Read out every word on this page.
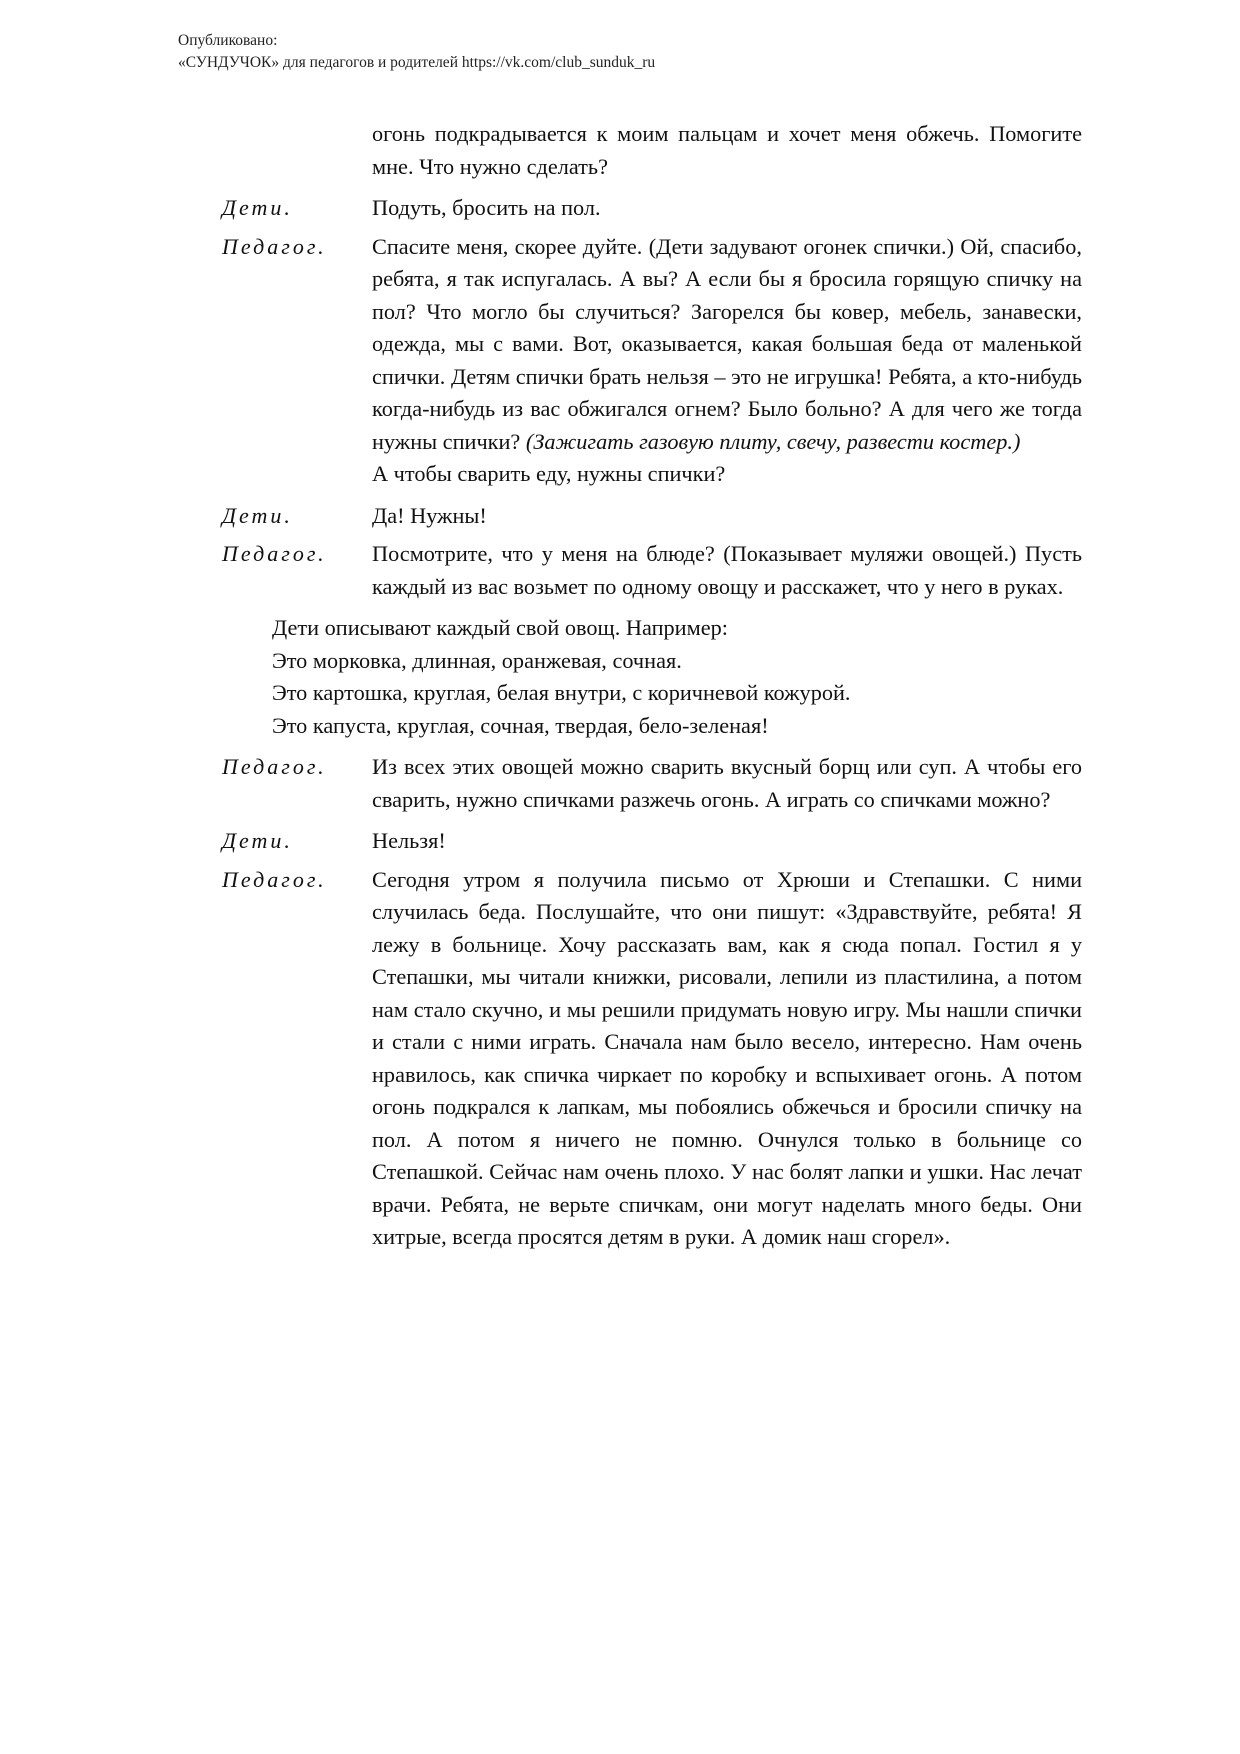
Опубликовано:
«СУНДУЧОК» для педагогов и родителей https://vk.com/club_sunduk_ru
огонь подкрадывается к моим пальцам и хочет меня обжечь. Помогите мне. Что нужно сделать?
Дети.	Подуть, бросить на пол.
Педагог.	Спасите меня, скорее дуйте. (Дети задувают огонек спички.) Ой, спасибо, ребята, я так испугалась. А вы? А если бы я бросила горящую спичку на пол? Что могло бы случиться? Загорелся бы ковер, мебель, занавески, одежда, мы с вами. Вот, оказывается, какая большая беда от маленькой спички. Детям спички брать нельзя – это не игрушка! Ребята, а кто-нибудь когда-нибудь из вас обжигался огнем? Было больно? А для чего же тогда нужны спички? (Зажигать газовую плиту, свечу, развести костер.)

А чтобы сварить еду, нужны спички?

Дети.	Да! Нужны!
Педагог.	Посмотрите, что у меня на блюде? (Показывает муляжи овощей.) Пусть каждый из вас возьмет по одному овощу и расскажет, что у него в руках.
Дети описывают каждый свой овощ. Например:
Это морковка, длинная, оранжевая, сочная.
Это картошка, круглая, белая внутри, с коричневой кожурой.
Это капуста, круглая, сочная, твердая, бело-зеленая!
Педагог.	Из всех этих овощей можно сварить вкусный борщ или суп. А чтобы его сварить, нужно спичками разжечь огонь. А играть со спичками можно?
Дети.	Нельзя!
Педагог.	Сегодня утром я получила письмо от Хрюши и Степашки. С ними случилась беда. Послушайте, что они пишут: «Здравствуйте, ребята! Я лежу в больнице. Хочу рассказать вам, как я сюда попал. Гостил я у Степашки, мы читали книжки, рисовали, лепили из пластилина, а потом нам стало скучно, и мы решили придумать новую игру. Мы нашли спички и стали с ними играть. Сначала нам было весело, интересно. Нам очень нравилось, как спичка чиркает по коробку и вспыхивает огонь. А потом огонь подкрался к лапкам, мы побоялись обжечься и бросили спичку на пол. А потом я ничего не помню. Очнулся только в больнице со Степашкой. Сейчас нам очень плохо. У нас болят лапки и ушки. Нас лечат врачи. Ребята, не верьте спичкам, они могут наделать много беды. Они хитрые, всегда просятся детям в руки. А домик наш сгорел».
